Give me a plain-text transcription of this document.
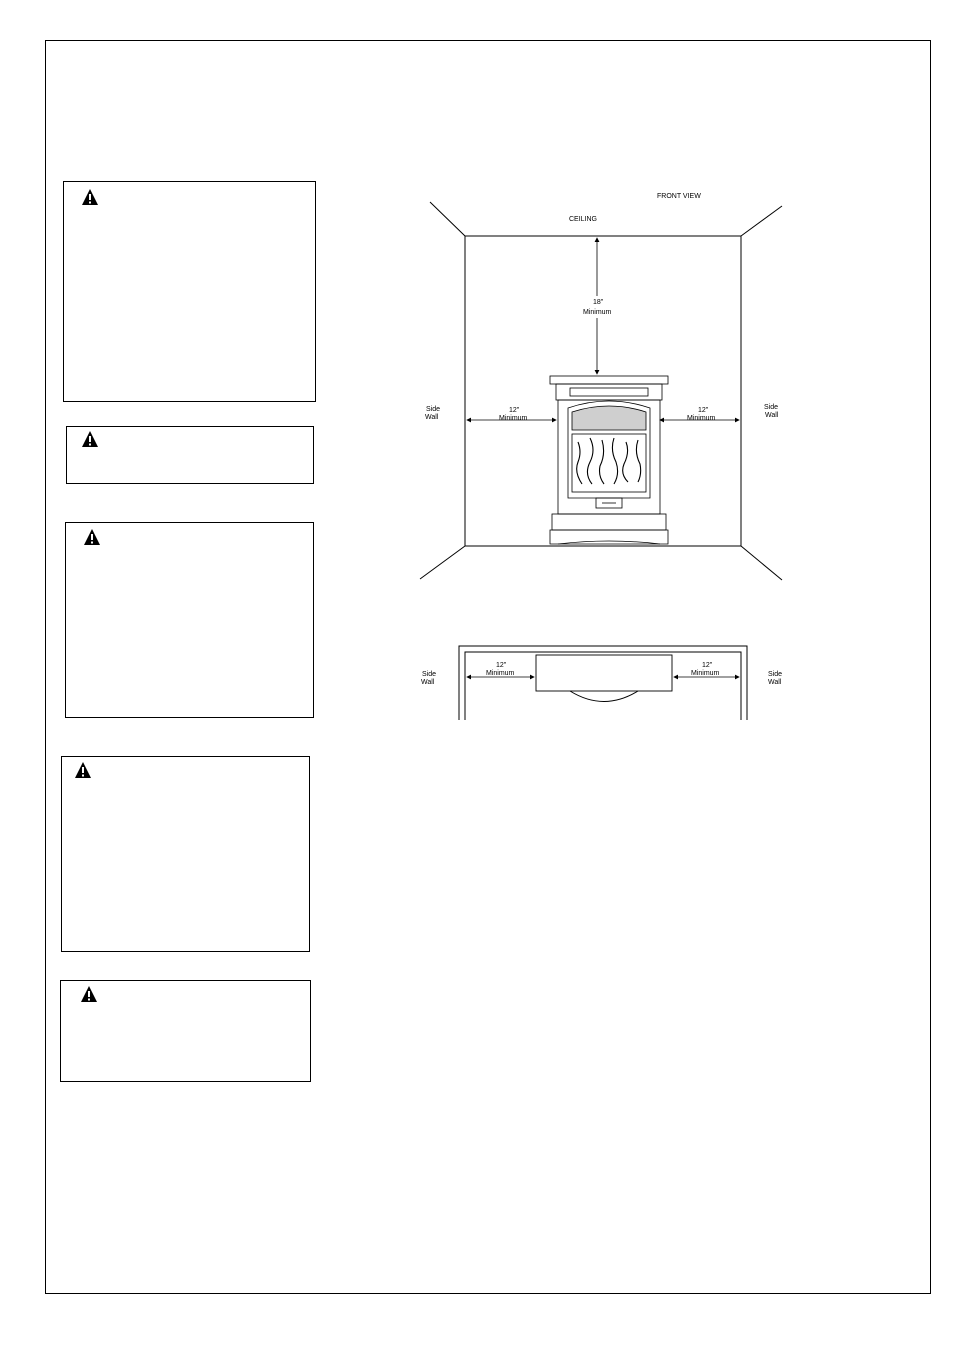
FRONT VIEW
CEILING
18"
Minimum
12"
Minimum
12"
Minimum
Side
Wall
Side
Wall
12"
Minimum
12"
Minimum
Side
Wall
Side
Wall
